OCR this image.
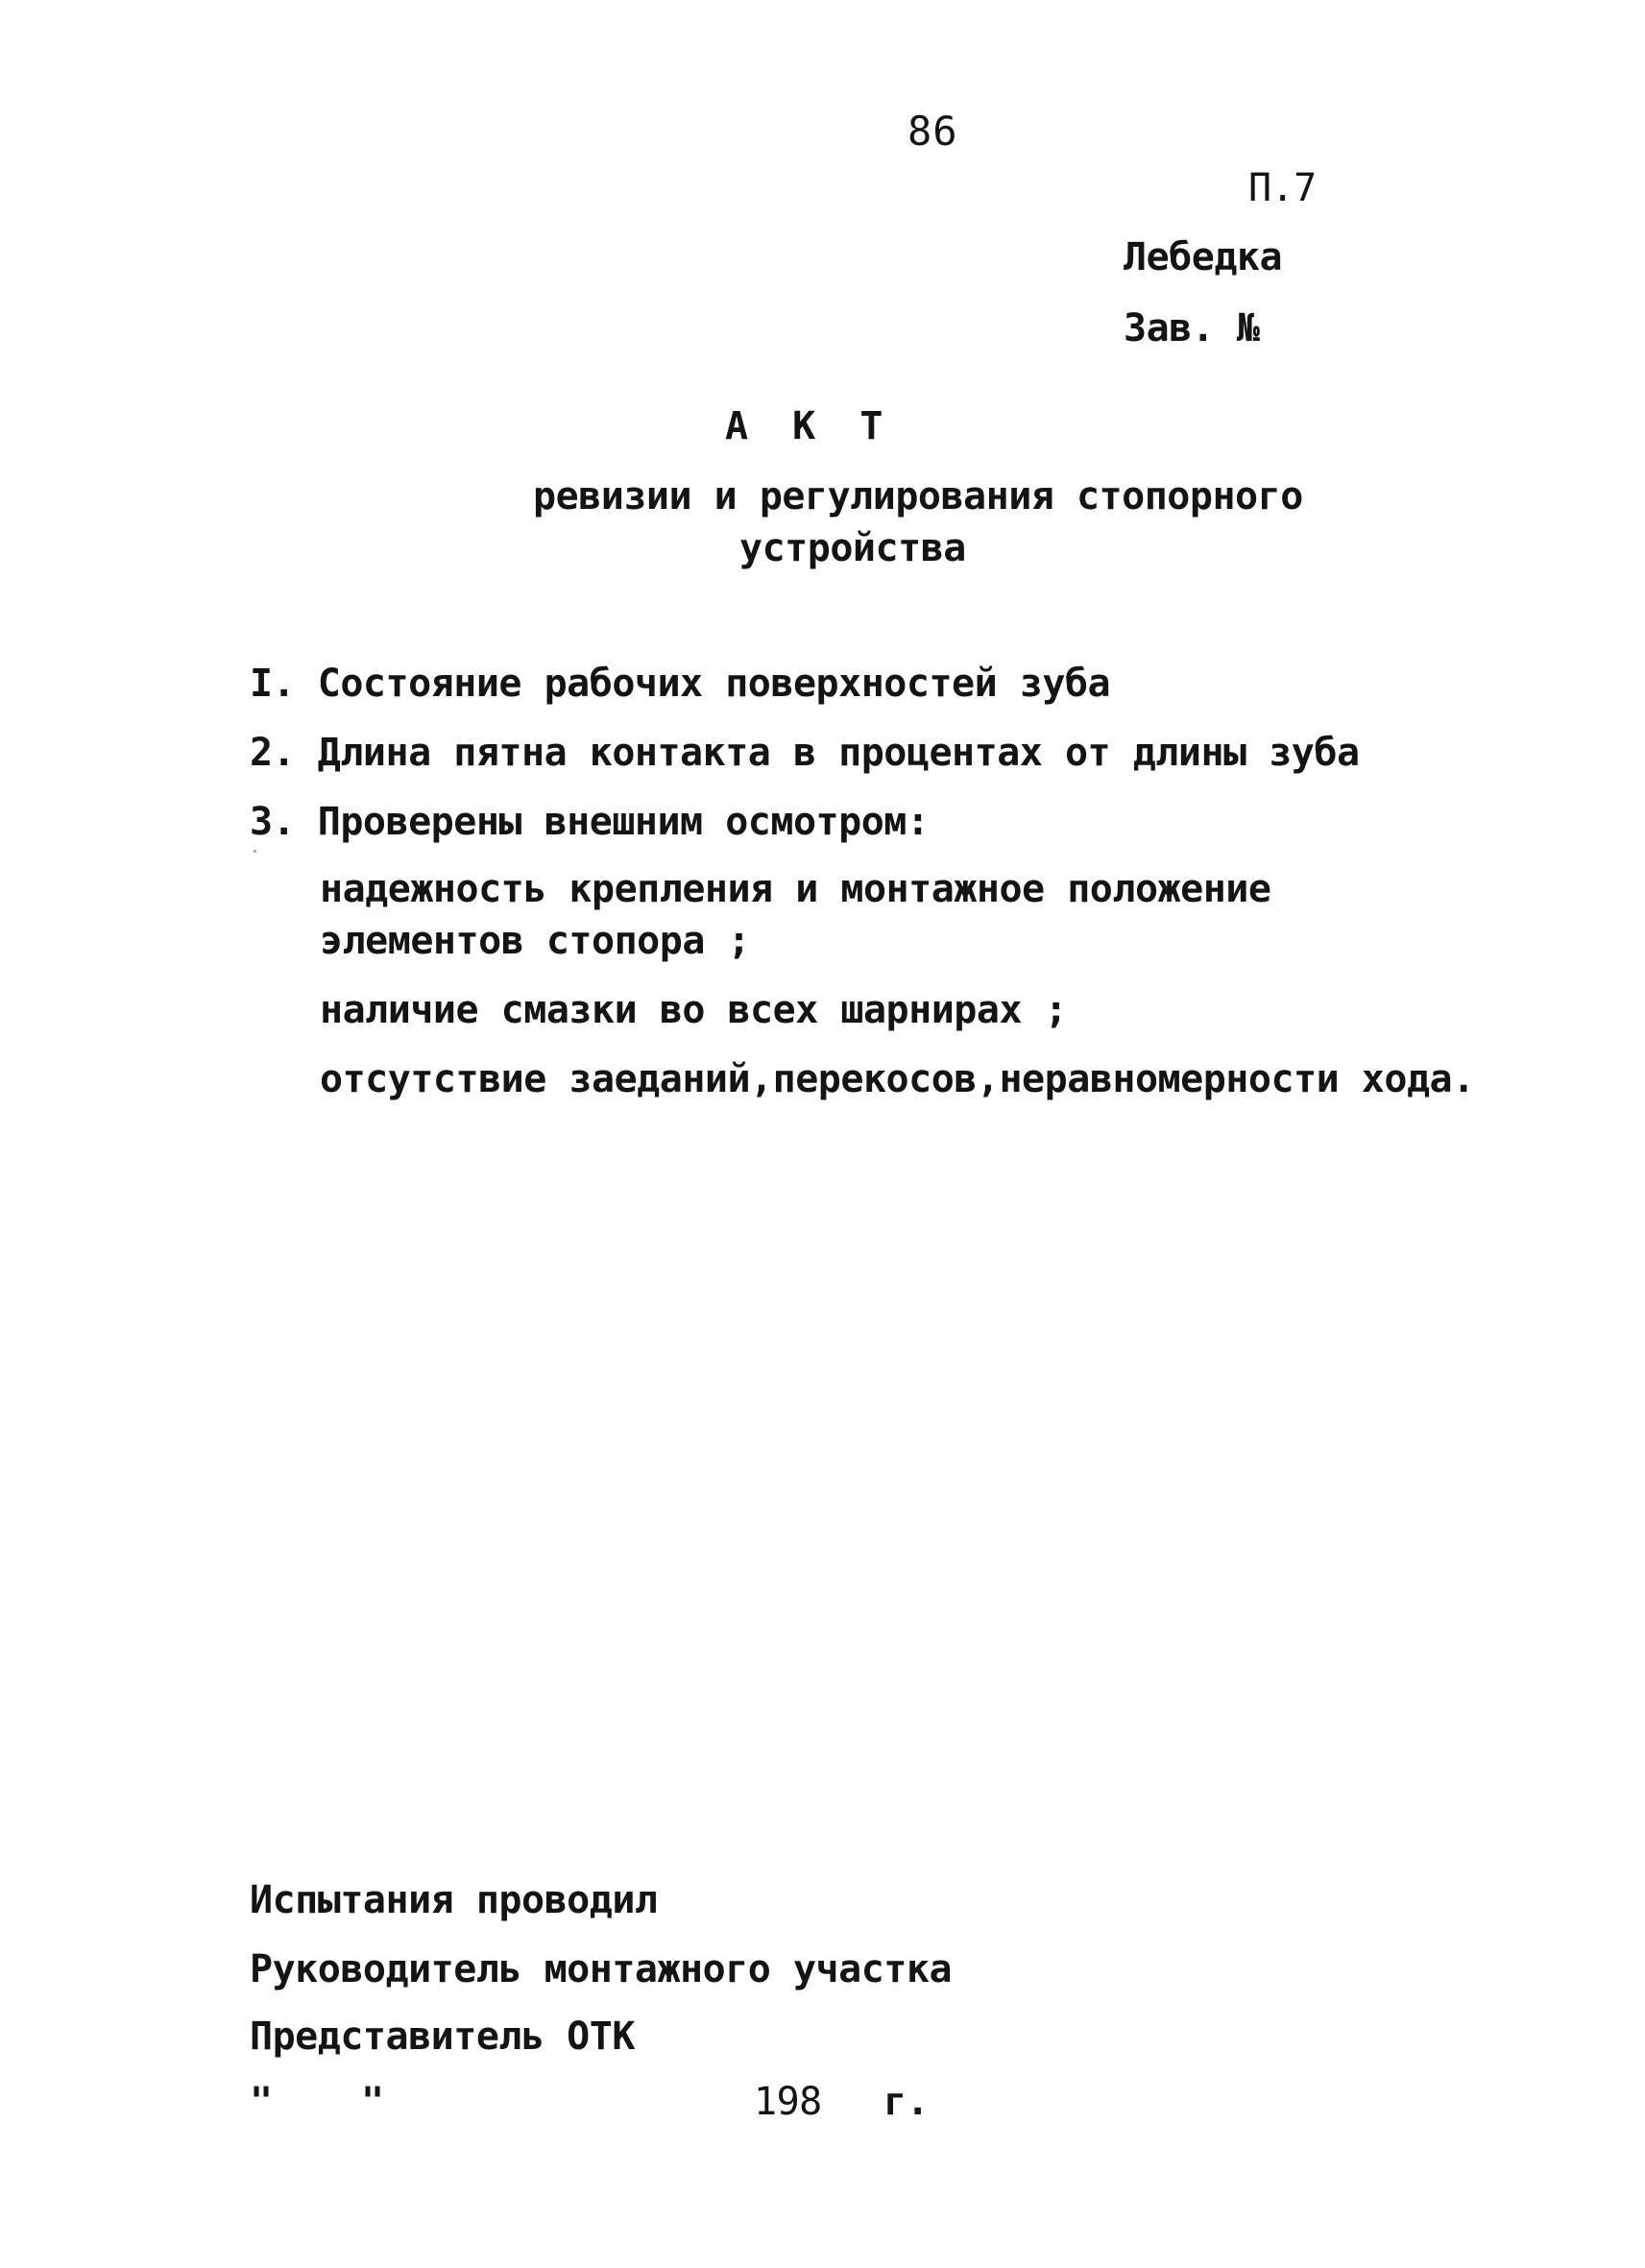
86

П.7

Лебедка

Зав. №

А К Т

ревизии и регулирования стопорного

устройства

I. Состояние рабочих поверхностей зуба

2. Длина пятна контакта в процентах от длины зуба

3. Проверены внешним осмотром:

надежность крепления и монтажное положение

элементов стопора ;

наличие смазки во всех шарнирах ;

отсутствие заеданий,перекосов,неравномерности хода.

Испытания проводил

Руководитель монтажного участка

Представитель ОТК

" "	198 г.
